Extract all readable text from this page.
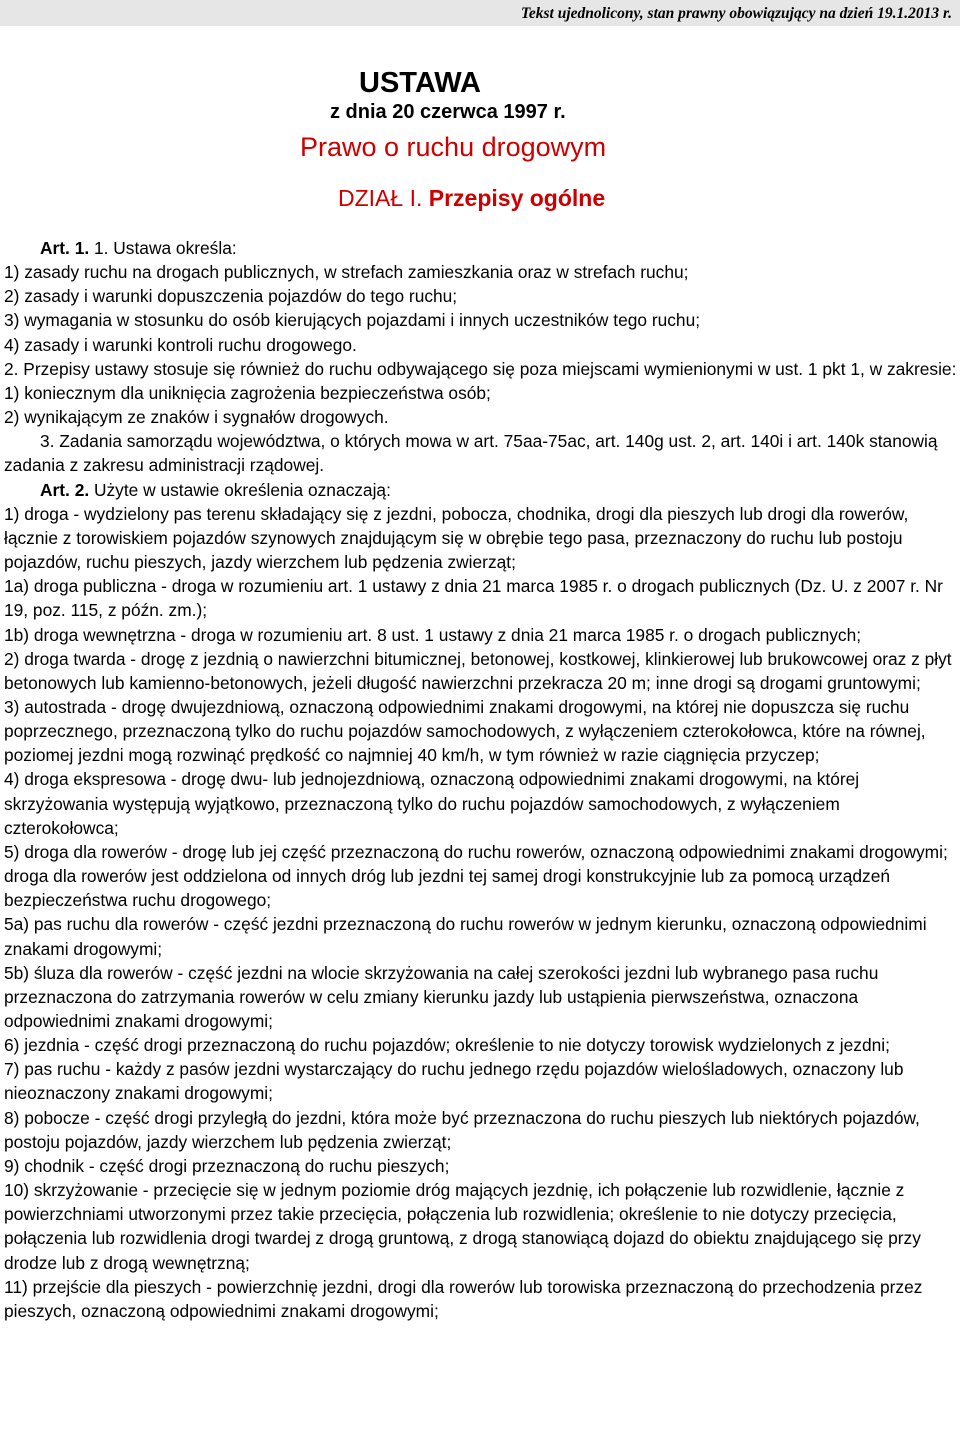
Tekst ujednolicony, stan prawny obowiązujący na dzień 19.1.2013 r.
USTAWA
z dnia 20 czerwca 1997 r.
Prawo o ruchu drogowym
DZIAŁ I. Przepisy ogólne

Art. 1. 1. Ustawa określa:

1) zasady ruchu na drogach publicznych, w strefach zamieszkania oraz w strefach ruchu;

2) zasady i warunki dopuszczenia pojazdów do tego ruchu;

3) wymagania w stosunku do osób kierujących pojazdami i innych uczestników tego ruchu;

4) zasady i warunki kontroli ruchu drogowego.

2. Przepisy ustawy stosuje się również do ruchu odbywającego się poza miejscami wymienionymi w ust. 1 pkt 1, w zakresie:

1) koniecznym dla uniknięcia zagrożenia bezpieczeństwa osób;

2) wynikającym ze znaków i sygnałów drogowych.

3. Zadania samorządu województwa, o których mowa w art. 75aa-75ac, art. 140g ust. 2, art. 140i i art. 140k stanowią zadania z zakresu administracji rządowej.

Art. 2. Użyte w ustawie określenia oznaczają:

1) droga - wydzielony pas terenu składający się z jezdni, pobocza, chodnika, drogi dla pieszych lub drogi dla rowerów, łącznie z torowiskiem pojazdów szynowych znajdującym się w obrębie tego pasa, przeznaczony do ruchu lub postoju pojazdów, ruchu pieszych, jazdy wierzchem lub pędzenia zwierząt;

1a) droga publiczna - droga w rozumieniu art. 1 ustawy z dnia 21 marca 1985 r. o drogach publicznych (Dz. U. z 2007 r. Nr 19, poz. 115, z późn. zm.);

1b) droga wewnętrzna - droga w rozumieniu art. 8 ust. 1 ustawy z dnia 21 marca 1985 r. o drogach publicznych;

2) droga twarda - drogę z jezdnią o nawierzchni bitumicznej, betonowej, kostkowej, klinkierowej lub brukowcowej oraz z płyt betonowych lub kamienno-betonowych, jeżeli długość nawierzchni przekracza 20 m; inne drogi są drogami gruntowymi;

3) autostrada - drogę dwujezdniową, oznaczoną odpowiednimi znakami drogowymi, na której nie dopuszcza się ruchu poprzecznego, przeznaczoną tylko do ruchu pojazdów samochodowych, z wyłączeniem czterokołowca, które na równej, poziomej jezdni mogą rozwinąć prędkość co najmniej 40 km/h, w tym również w razie ciągnięcia przyczep;

4) droga ekspresowa - drogę dwu- lub jednojezdniową, oznaczoną odpowiednimi znakami drogowymi, na której skrzyżowania występują wyjątkowo, przeznaczoną tylko do ruchu pojazdów samochodowych, z wyłączeniem czterokołowca;

5) droga dla rowerów - drogę lub jej część przeznaczoną do ruchu rowerów, oznaczoną odpowiednimi znakami drogowymi; droga dla rowerów jest oddzielona od innych dróg lub jezdni tej samej drogi konstrukcyjnie lub za pomocą urządzeń bezpieczeństwa ruchu drogowego;

5a) pas ruchu dla rowerów - część jezdni przeznaczoną do ruchu rowerów w jednym kierunku, oznaczoną odpowiednimi znakami drogowymi;

5b) śluza dla rowerów - część jezdni na wlocie skrzyżowania na całej szerokości jezdni lub wybranego pasa ruchu przeznaczona do zatrzymania rowerów w celu zmiany kierunku jazdy lub ustąpienia pierwszeństwa, oznaczona odpowiednimi znakami drogowymi;

6) jezdnia - część drogi przeznaczoną do ruchu pojazdów; określenie to nie dotyczy torowisk wydzielonych z jezdni;

7) pas ruchu - każdy z pasów jezdni wystarczający do ruchu jednego rzędu pojazdów wielośladowych, oznaczony lub nieoznaczony znakami drogowymi;

8) pobocze - część drogi przyległą do jezdni, która może być przeznaczona do ruchu pieszych lub niektórych pojazdów, postoju pojazdów, jazdy wierzchem lub pędzenia zwierząt;

9) chodnik - część drogi przeznaczoną do ruchu pieszych;

10) skrzyżowanie - przecięcie się w jednym poziomie dróg mających jezdnię, ich połączenie lub rozwidlenie, łącznie z powierzchniami utworzonymi przez takie przecięcia, połączenia lub rozwidlenia; określenie to nie dotyczy przecięcia, połączenia lub rozwidlenia drogi twardej z drogą gruntową, z drogą stanowiącą dojazd do obiektu znajdującego się przy drodze lub z drogą wewnętrzną;

11) przejście dla pieszych - powierzchnię jezdni, drogi dla rowerów lub torowiska przeznaczoną do przechodzenia przez pieszych, oznaczoną odpowiednimi znakami drogowymi;
